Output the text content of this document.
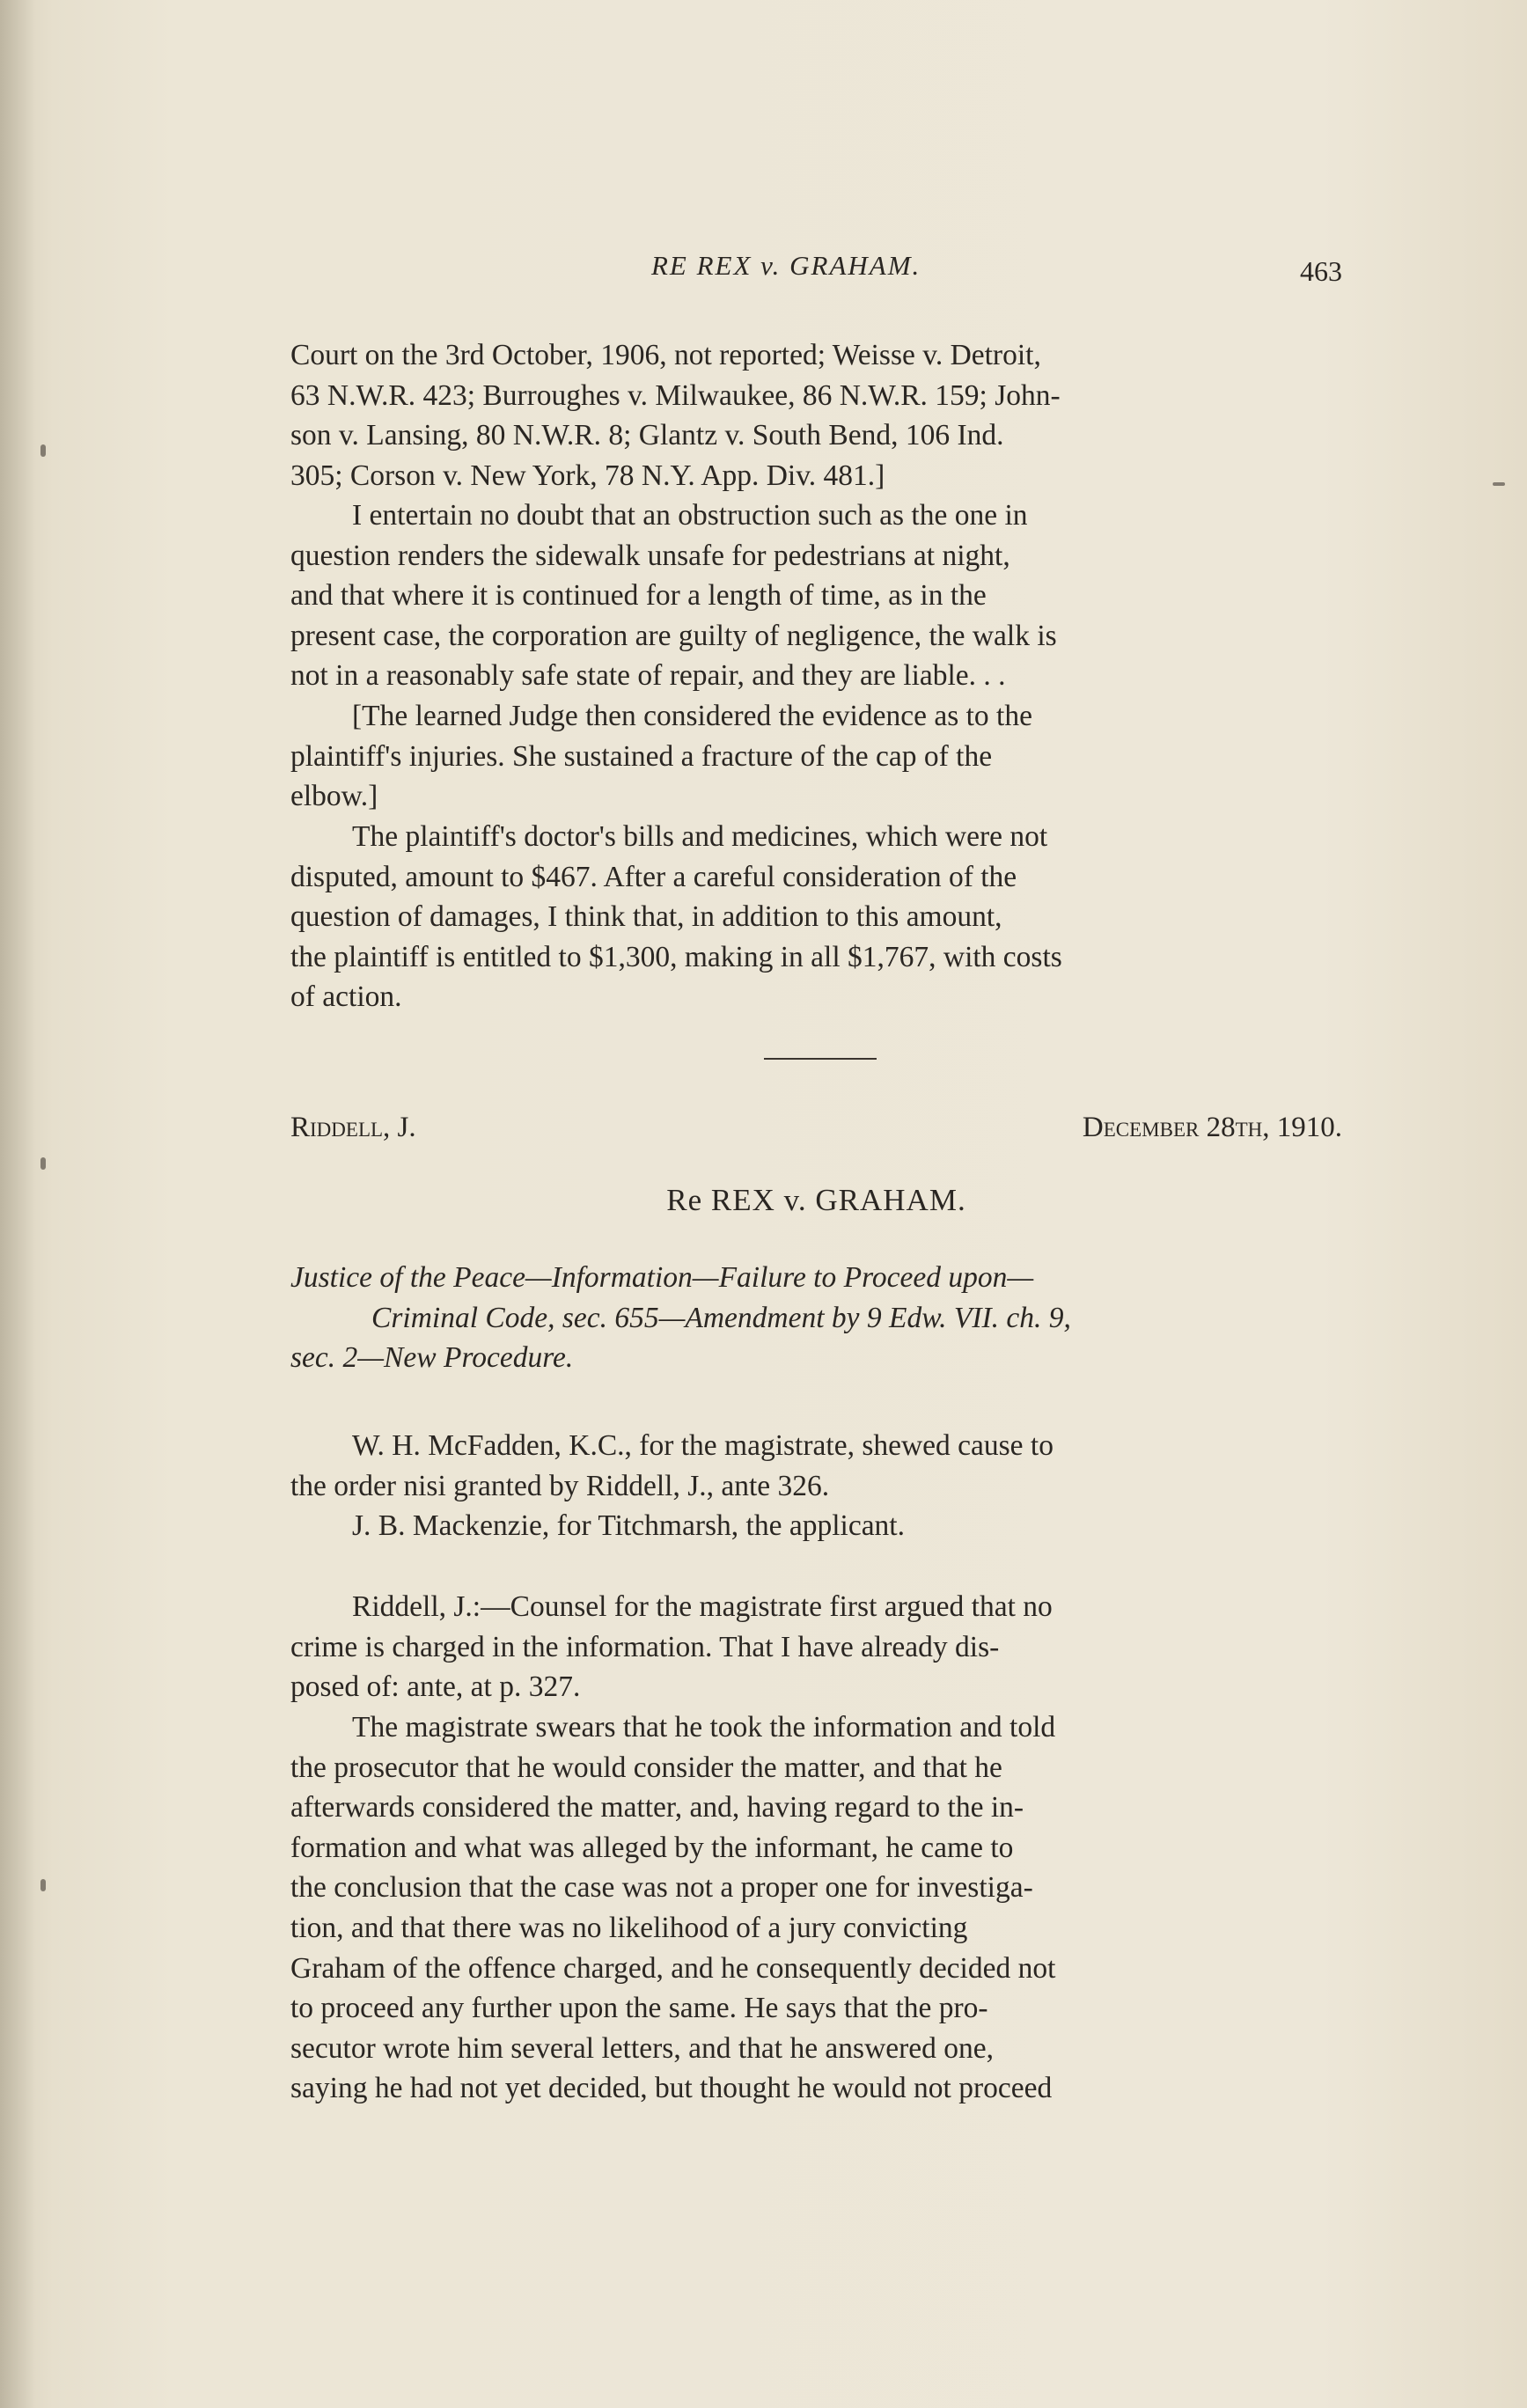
RE REX v. GRAHAM.	463

Court on the 3rd October, 1906, not reported; Weisse v. Detroit,

63 N.W.R. 423; Burroughes v. Milwaukee, 86 N.W.R. 159; John-

son v. Lansing, 80 N.W.R. 8; Glantz v. South Bend, 106 Ind.

305; Corson v. New York, 78 N.Y. App. Div. 481.]

I entertain no doubt that an obstruction such as the one in

question renders the sidewalk unsafe for pedestrians at night,

and that where it is continued for a length of time, as in the

present case, the corporation are guilty of negligence, the walk is

not in a reasonably safe state of repair, and they are liable. . .

[The learned Judge then considered the evidence as to the

plaintiff's injuries. She sustained a fracture of the cap of the

elbow.]

The plaintiff's doctor's bills and medicines, which were not

disputed, amount to $467. After a careful consideration of the

question of damages, I think that, in addition to this amount,

the plaintiff is entitled to $1,300, making in all $1,767, with costs

of action.

Riddell, J.	December 28th, 1910.
Re REX v. GRAHAM.
Justice of the Peace—Information—Failure to Proceed upon—
Criminal Code, sec. 655—Amendment by 9 Edw. VII. ch. 9,
sec. 2—New Procedure.

W. H. McFadden, K.C., for the magistrate, shewed cause to

the order nisi granted by Riddell, J., ante 326.

J. B. Mackenzie, for Titchmarsh, the applicant.

Riddell, J.:—Counsel for the magistrate first argued that no

crime is charged in the information. That I have already dis-

posed of: ante, at p. 327.

The magistrate swears that he took the information and told

the prosecutor that he would consider the matter, and that he

afterwards considered the matter, and, having regard to the in-

formation and what was alleged by the informant, he came to

the conclusion that the case was not a proper one for investiga-

tion, and that there was no likelihood of a jury convicting

Graham of the offence charged, and he consequently decided not

to proceed any further upon the same. He says that the pro-

secutor wrote him several letters, and that he answered one,

saying he had not yet decided, but thought he would not proceed
